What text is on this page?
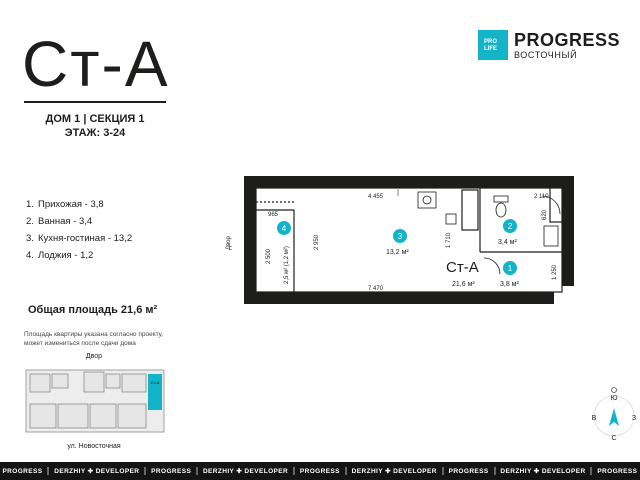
Ст-А
ДОМ 1 | СЕКЦИЯ 1
ЭТАЖ: 3-24
PRO
LIFE PROGRESS
ВОСТОЧНЫЙ
1. Прихожая - 3,8
2. Ванная - 3,4
3. Кухня-гостиная - 13,2
4. Лоджия - 1,2
Общая площадь 21,6 м²
Площадь квартиры указана согласно проекту, может измениться после сдачи дома
4 455
7 470
965
2 500
2 950	1 710
2 110
620
1 250
Двор	3
13,2 м²
4
2,5 м² (1,2 м²)
2
3,4 м²
1
3,8 м²
Ст-А
21,6 м²
Двор
Ст-А
ул. Новосточная
С
Ю
З
В
PROGRESS DERZHIY ✚ DEVELOPER PROGRESS DERZHIY ✚ DEVELOPER PROGRESS DERZHIY ✚ DEVELOPER PROGRESS DERZHIY ✚ DEVELOPER PROGRESS
